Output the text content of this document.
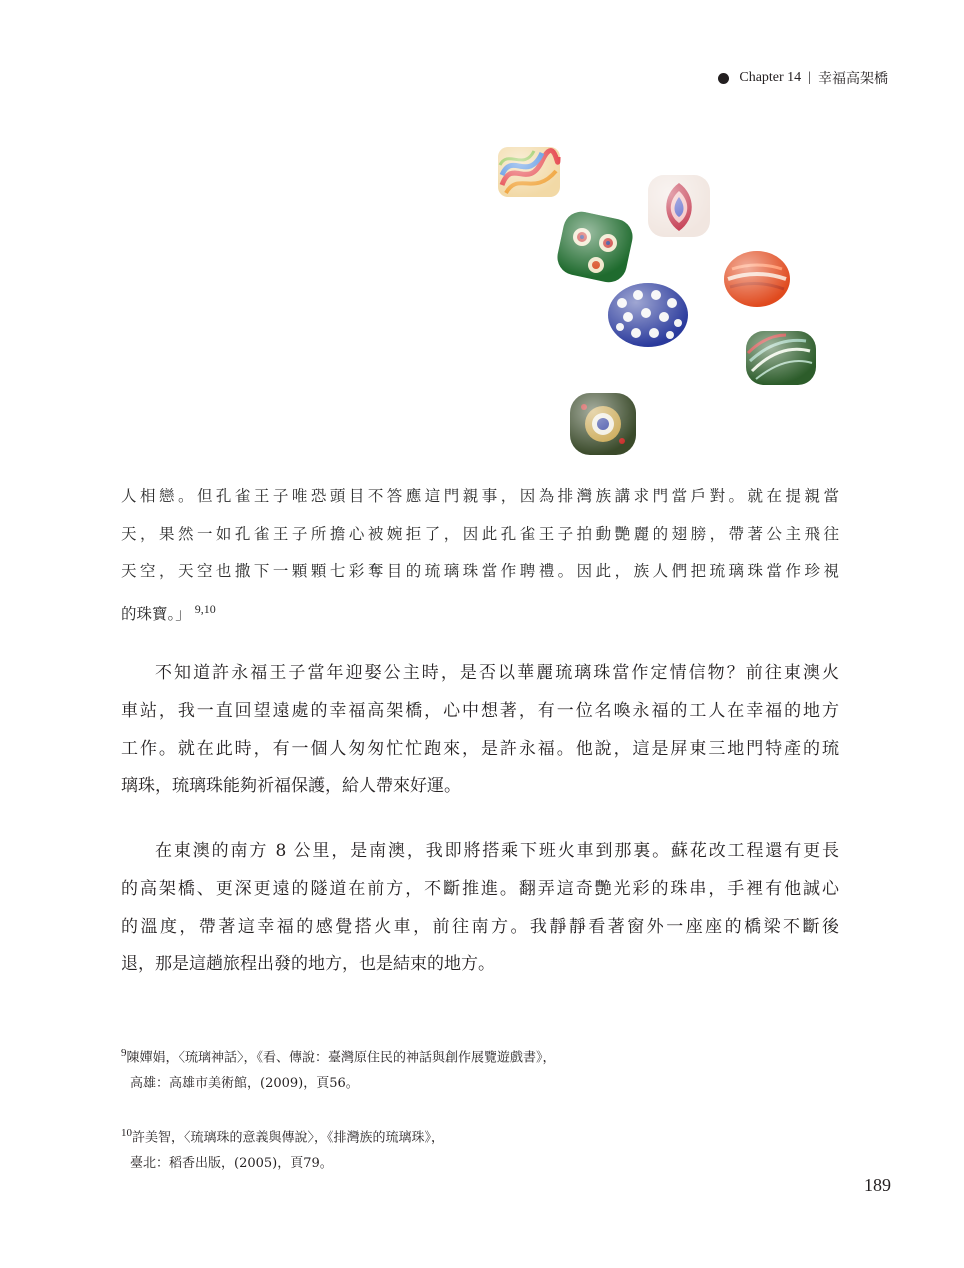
Chapter 14 | 幸福高架橋
人相戀。但孔雀王子唯恐頭目不答應這門親事，因為排灣族講求門當戶對。就在提親當
天，果然一如孔雀王子所擔心被婉拒了，因此孔雀王子拍動艷麗的翅膀，帶著公主飛往
天空，天空也撒下一顆顆七彩奪目的琉璃珠當作聘禮。因此，族人們把琉璃珠當作珍視
的珠寶。」 $^{9,10}$
不知道許永福王子當年迎娶公主時，是否以華麗琉璃珠當作定情信物？前往東澳火
車站，我一直回望遠處的幸福高架橋，心中想著，有一位名喚永福的工人在幸福的地方
工作。就在此時，有一個人匆匆忙忙跑來，是許永福。他說，這是屏東三地門特產的琉
璃珠，琉璃珠能夠祈福保護，給人帶來好運。
在東澳的南方 8 公里，是南澳，我即將搭乘下班火車到那裏。蘇花改工程還有更長
的高架橋、更深更遠的隧道在前方，不斷推進。翻弄這奇艷光彩的珠串，手裡有他誠心
的溫度，帶著這幸福的感覺搭火車，前往南方。我靜靜看著窗外一座座的橋梁不斷後
退，那是這趟旅程出發的地方，也是結束的地方。
$^9$陳嬋娟，〈琉璃神話〉，《看、傳說：臺灣原住民的神話與創作展覽遊戲書》，
高雄：高雄市美術館，(2009)，頁56。
$^{10}$許美智，〈琉璃珠的意義與傳說〉，《排灣族的琉璃珠》，
臺北：稻香出版，(2005)，頁79。
189
